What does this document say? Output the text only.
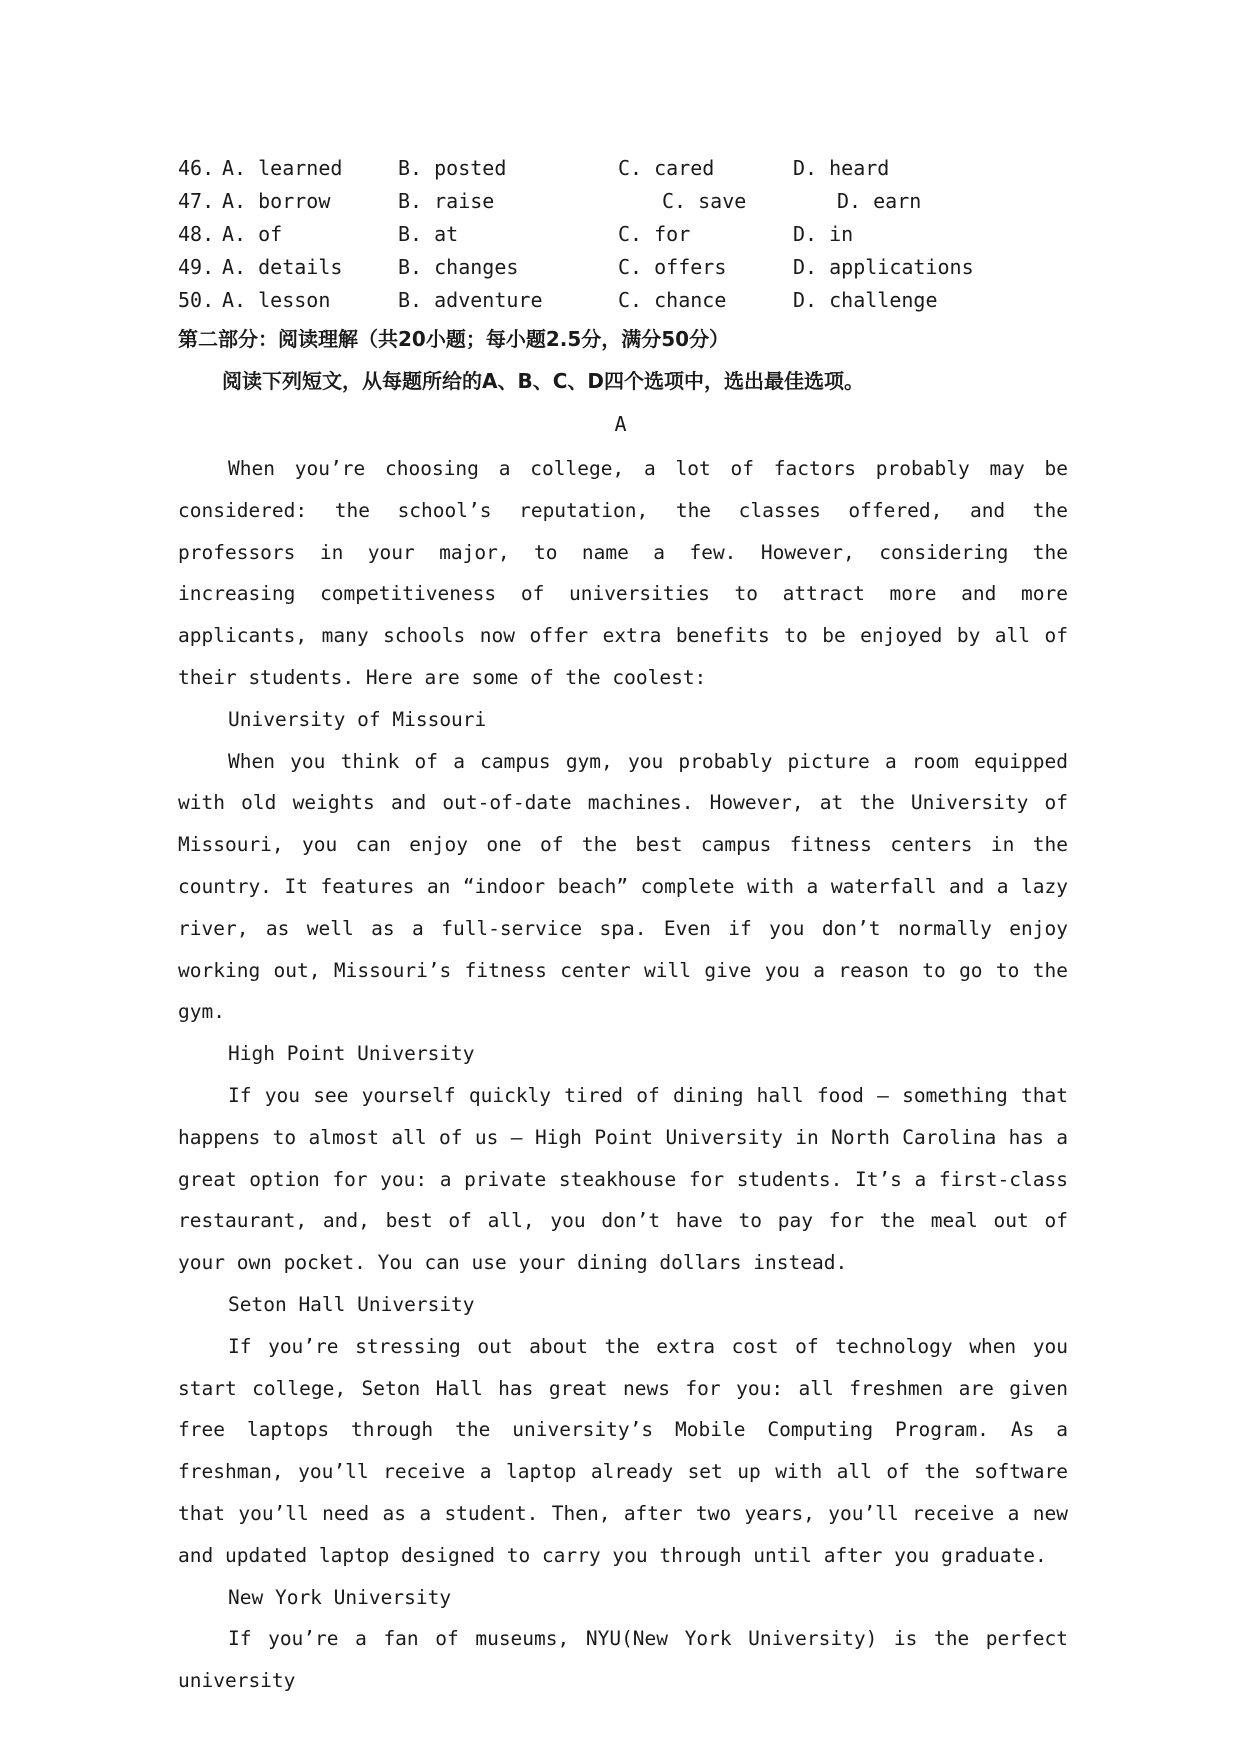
46. A. learned	B. posted	C. cared	D. heard
47. A. borrow	B. raise	C. save	D. earn
48. A. of	B. at	C. for	D. in
49. A. details	B. changes	C. offers	D. applications
50. A. lesson	B. adventure	C. chance	D. challenge
第二部分：阅读理解（共20小题；每小题2.5分，满分50分）
阅读下列短文，从每题所给的A、B、C、D四个选项中，选出最佳选项。
A

When you’re choosing a college, a lot of factors probably may be considered: the school’s reputation, the classes offered, and the professors in your major, to name a few. However, considering the increasing competitiveness of universities to attract more and more applicants, many schools now offer extra benefits to be enjoyed by all of their students. Here are some of the coolest:

University of Missouri

When you think of a campus gym, you probably picture a room equipped with old weights and out-of-date machines. However, at the University of Missouri, you can enjoy one of the best campus fitness centers in the country. It features an “indoor beach” complete with a waterfall and a lazy river, as well as a full-service spa. Even if you don’t normally enjoy working out, Missouri’s fitness center will give you a reason to go to the gym.

High Point University

If you see yourself quickly tired of dining hall food — something that happens to almost all of us — High Point University in North Carolina has a great option for you: a private steakhouse for students. It’s a first-class restaurant, and, best of all, you don’t have to pay for the meal out of your own pocket. You can use your dining dollars instead.

Seton Hall University

If you’re stressing out about the extra cost of technology when you start college, Seton Hall has great news for you: all freshmen are given free laptops through the university’s Mobile Computing Program. As a freshman, you’ll receive a laptop already set up with all of the software that you’ll need as a student. Then, after two years, you’ll receive a new and updated laptop designed to carry you through until after you graduate.

New York University

If you’re a fan of museums, NYU(New York University) is the perfect university
